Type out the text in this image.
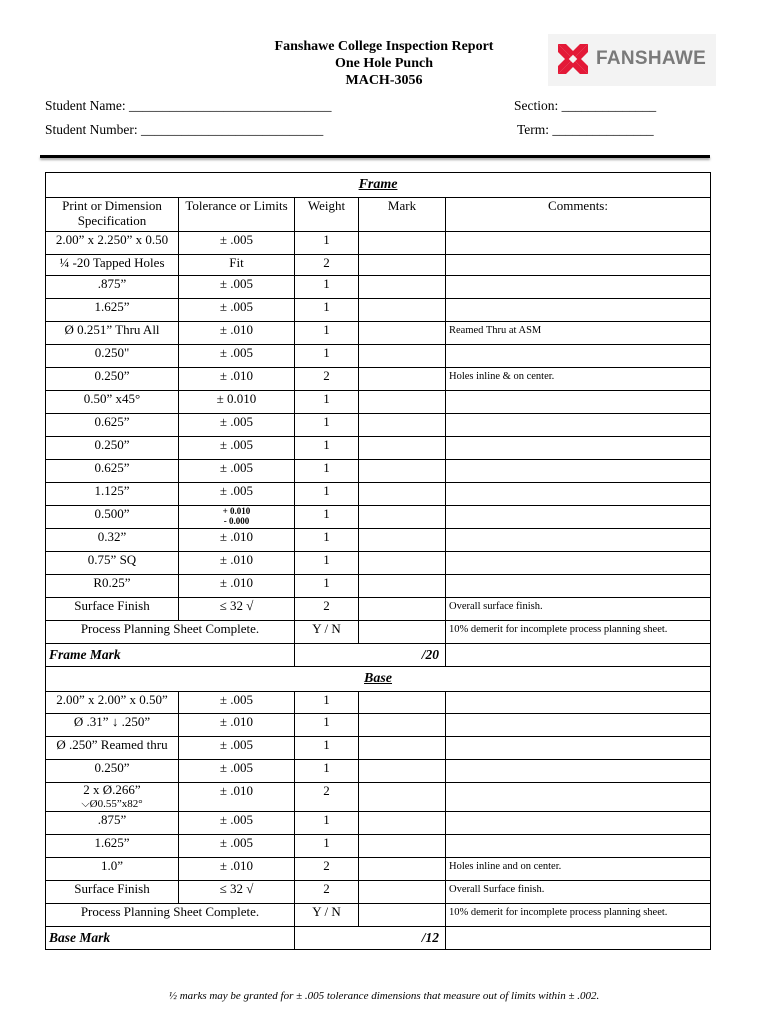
Fanshawe College Inspection Report
One Hole Punch
MACH-3056
FANSHAWE
Student Name: ______________________________
Student Number: ___________________________
Section: ______________
Term: _______________
Frame				
Print or Dimension Specification	Tolerance or Limits	Weight	Mark	Comments:
2.00” x 2.250” x 0.50	± .005	1		
¼ -20 Tapped Holes	Fit	2		
.875”	± .005	1		
1.625”	± .005	1		
Ø 0.251” Thru All	± .010	1		Reamed Thru at ASM
0.250"	± .005	1		
0.250”	± .010	2		Holes inline & on center.
0.50” x45°	± 0.010	1		
0.625”	± .005	1		
0.250”	± .005	1		
0.625”	± .005	1		
1.125”	± .005	1		
0.500”	+ 0.010
- 0.000	1		
0.32”	± .010	1		
0.75” SQ	± .010	1		
R0.25”	± .010	1		
Surface Finish	≤ 32 √	2		Overall surface finish.
Process Planning Sheet Complete.		Y / N		10% demerit for incomplete process planning sheet.
Frame Mark		/20		
Base				
2.00” x 2.00” x 0.50”	± .005	1		
Ø .31” ↓ .250”	± .010	1		
Ø .250” Reamed thru	± .005	1		
0.250”	± .005	1		
2 x Ø.266”
⌵Ø0.55”x82°	± .010	2		
.875”	± .005	1		
1.625”	± .005	1		
1.0”	± .010	2		Holes inline and on center.
Surface Finish	≤ 32 √	2		Overall Surface finish.
Process Planning Sheet Complete.		Y / N		10% demerit for incomplete process planning sheet.
Base Mark		/12		
½ marks may be granted for ± .005 tolerance dimensions that measure out of limits within ± .002.
